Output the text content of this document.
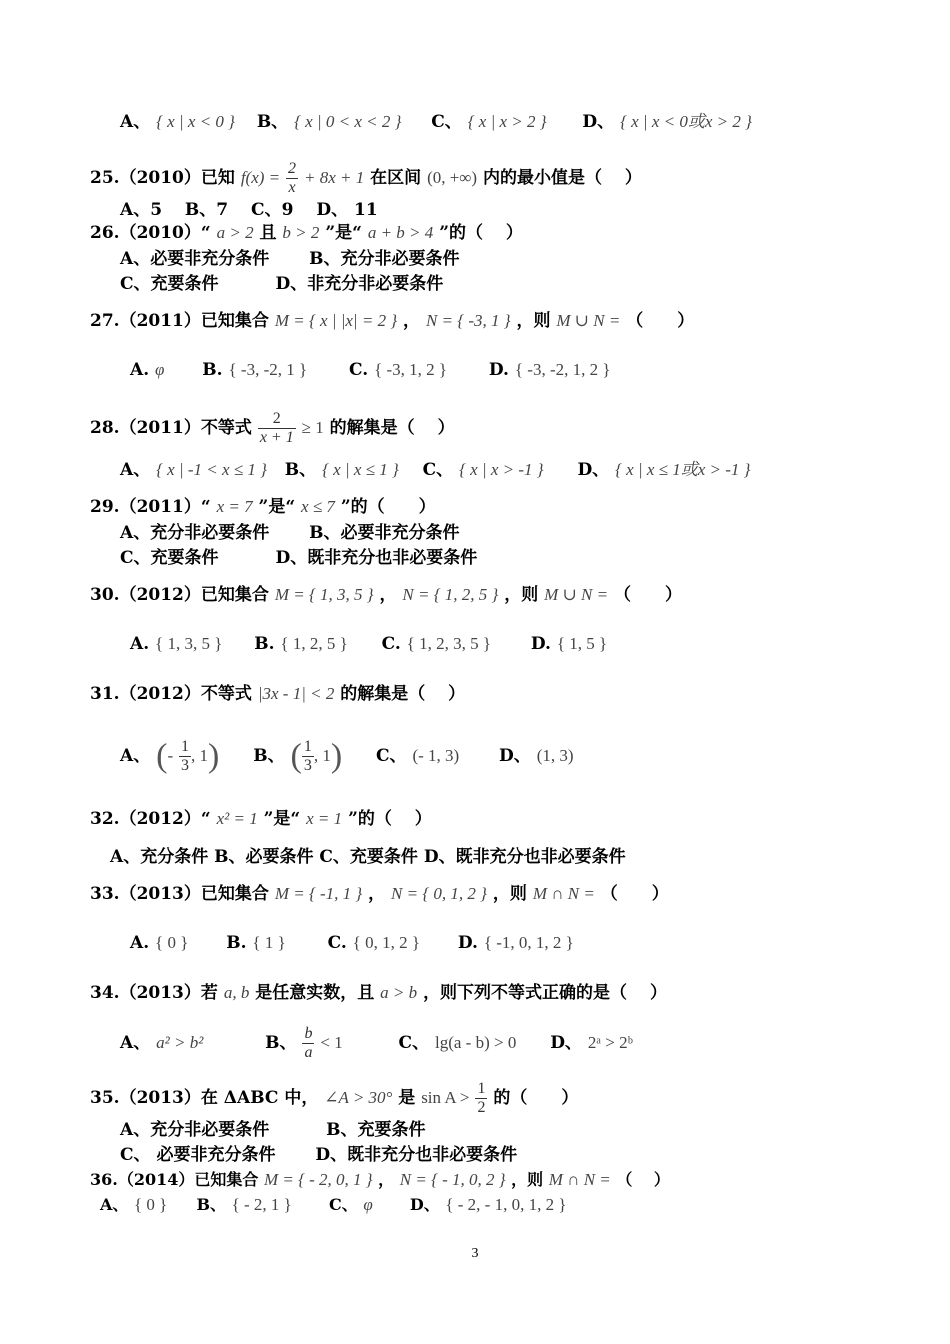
A、 { x | x < 0 } B、 { x | 0 < x < 2 } C、 { x | x > 2 } D、 { x | x < 0或x > 2 }
25.（2010）已知 $f(x) = \frac{2}{x} + 8x + 1$ 在区间 (0, +∞) 内的最小值是（　 ）
A、5　 B、7　 C、9　 D、 11
26.（2010）“ a > 2 且 b > 2 ”是“ a + b > 4 ”的（　 ）
A、必要非充分条件　　 B、充分非必要条件
C、充要条件　　　 D、非充分非必要条件
27.（2011）已知集合 M = { x | |x| = 2 } ， N = { -3, 1 } ，则 M ∪ N = （　　）
A. φ B. { -3, -2, 1 } C. { -3, 1, 2 } D. { -3, -2, 1, 2 }
28.（2011）不等式 $\frac{2}{x + 1} \ge 1$ 的解集是（　 ）
A、 { x | -1 < x ≤ 1 } B、 { x | x ≤ 1 } C、 { x | x > -1 } D、 { x | x ≤ 1或x > -1 }
29.（2011）“ x = 7 ”是“ x ≤ 7 ”的（　　）
A、充分非必要条件　　 B、必要非充分条件
C、充要条件　　　 D、既非充分也非必要条件
30.（2012）已知集合 M = { 1, 3, 5 } ， N = { 1, 2, 5 } ，则 M ∪ N = （　　）
A. { 1, 3, 5 } B. { 1, 2, 5 } C. { 1, 2, 3, 5 } D. { 1, 5 }
31.（2012）不等式 |3x - 1| < 2 的解集是（　 ）
A、 (- $\frac{1}{3}$ , 1) B、 ( $\frac{1}{3}$ , 1) C、 (- 1, 3) D、 (1, 3)
32.（2012）“ x² = 1 ”是“ x = 1 ”的（　 ）
A、充分条件 B、必要条件 C、充要条件 D、既非充分也非必要条件
33.（2013）已知集合 M = { -1, 1 } ， N = { 0, 1, 2 } ，则 M ∩ N = （　　）
A. { 0 } B. { 1 } C. { 0, 1, 2 } D. { -1, 0, 1, 2 }
34.（2013）若 a, b 是任意实数，且 a > b ，则下列不等式正确的是（　 ）
A、 a² > b²	B、 $\frac{b}{a} < 1$	C、 lg(a - b) > 0 D、 2ᵃ > 2ᵇ
35.（2013）在 ΔABC 中， ∠A > 30° 是 $\sin A > \frac{1}{2}$ 的（　　）
A、充分非必要条件　　　 B、充要条件
C、 必要非充分条件　　 D、既非充分也非必要条件
36.（2014）已知集合 M = { - 2, 0, 1 } ， N = { - 1, 0, 2 } ，则 M ∩ N = （　 ）
A、 { 0 } B、 { - 2, 1 } C、 φ D、 { - 2, - 1, 0, 1, 2 }
3
